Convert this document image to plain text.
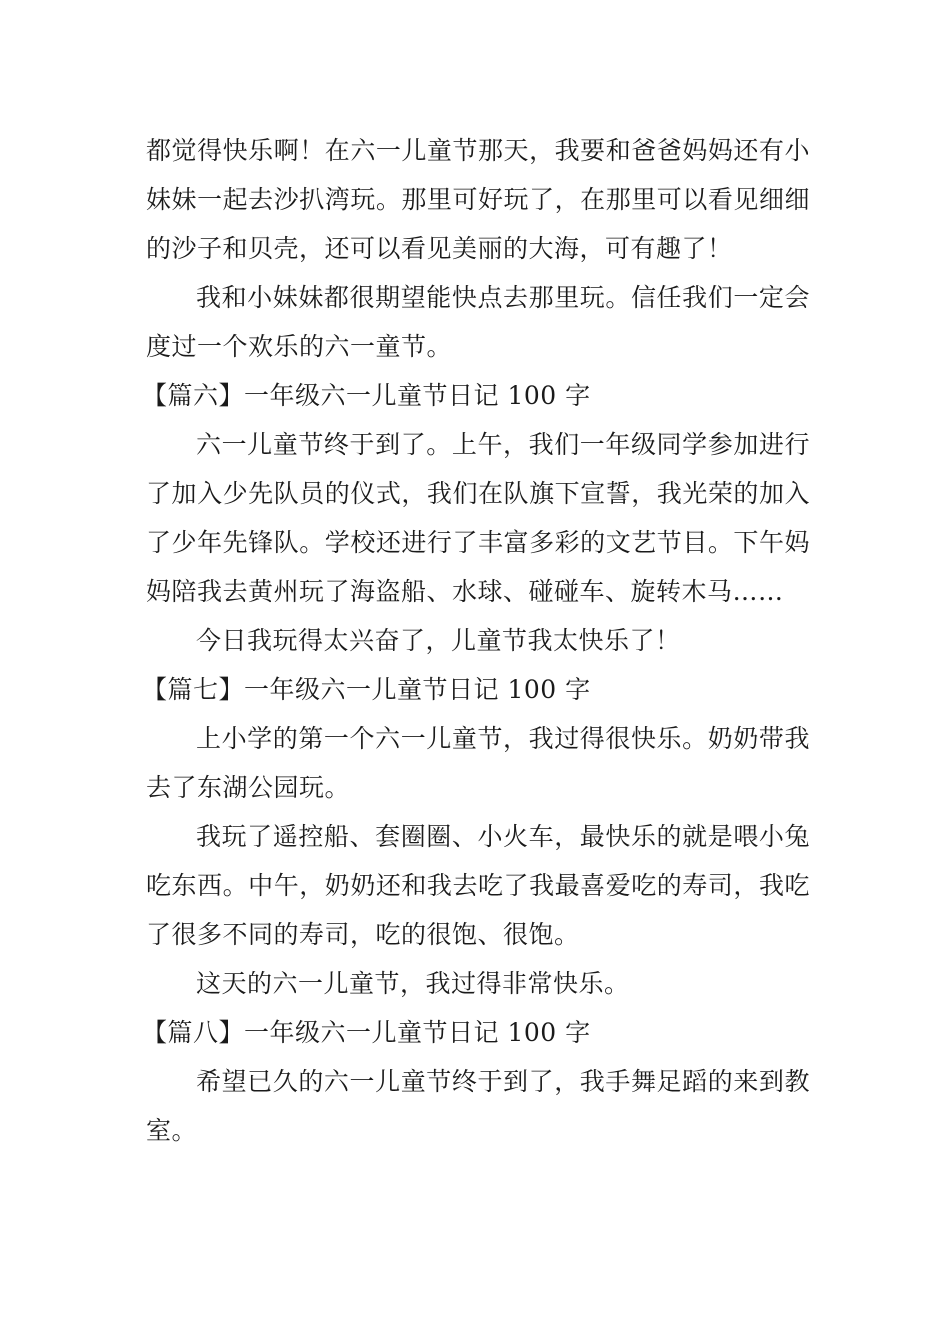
都觉得快乐啊！在六一儿童节那天，我要和爸爸妈妈还有小妹妹一起去沙扒湾玩。那里可好玩了，在那里可以看见细细的沙子和贝壳，还可以看见美丽的大海，可有趣了！

我和小妹妹都很期望能快点去那里玩。信任我们一定会度过一个欢乐的六一童节。

【篇六】一年级六一儿童节日记 100 字

六一儿童节终于到了。上午，我们一年级同学参加进行了加入少先队员的仪式，我们在队旗下宣誓，我光荣的加入了少年先锋队。学校还进行了丰富多彩的文艺节目。下午妈妈陪我去黄州玩了海盗船、水球、碰碰车、旋转木马……

今日我玩得太兴奋了，儿童节我太快乐了！

【篇七】一年级六一儿童节日记 100 字

上小学的第一个六一儿童节，我过得很快乐。奶奶带我去了东湖公园玩。

我玩了遥控船、套圈圈、小火车，最快乐的就是喂小兔吃东西。中午，奶奶还和我去吃了我最喜爱吃的寿司，我吃了很多不同的寿司，吃的很饱、很饱。

这天的六一儿童节，我过得非常快乐。

【篇八】一年级六一儿童节日记 100 字

希望已久的六一儿童节终于到了，我手舞足蹈的来到教室。
